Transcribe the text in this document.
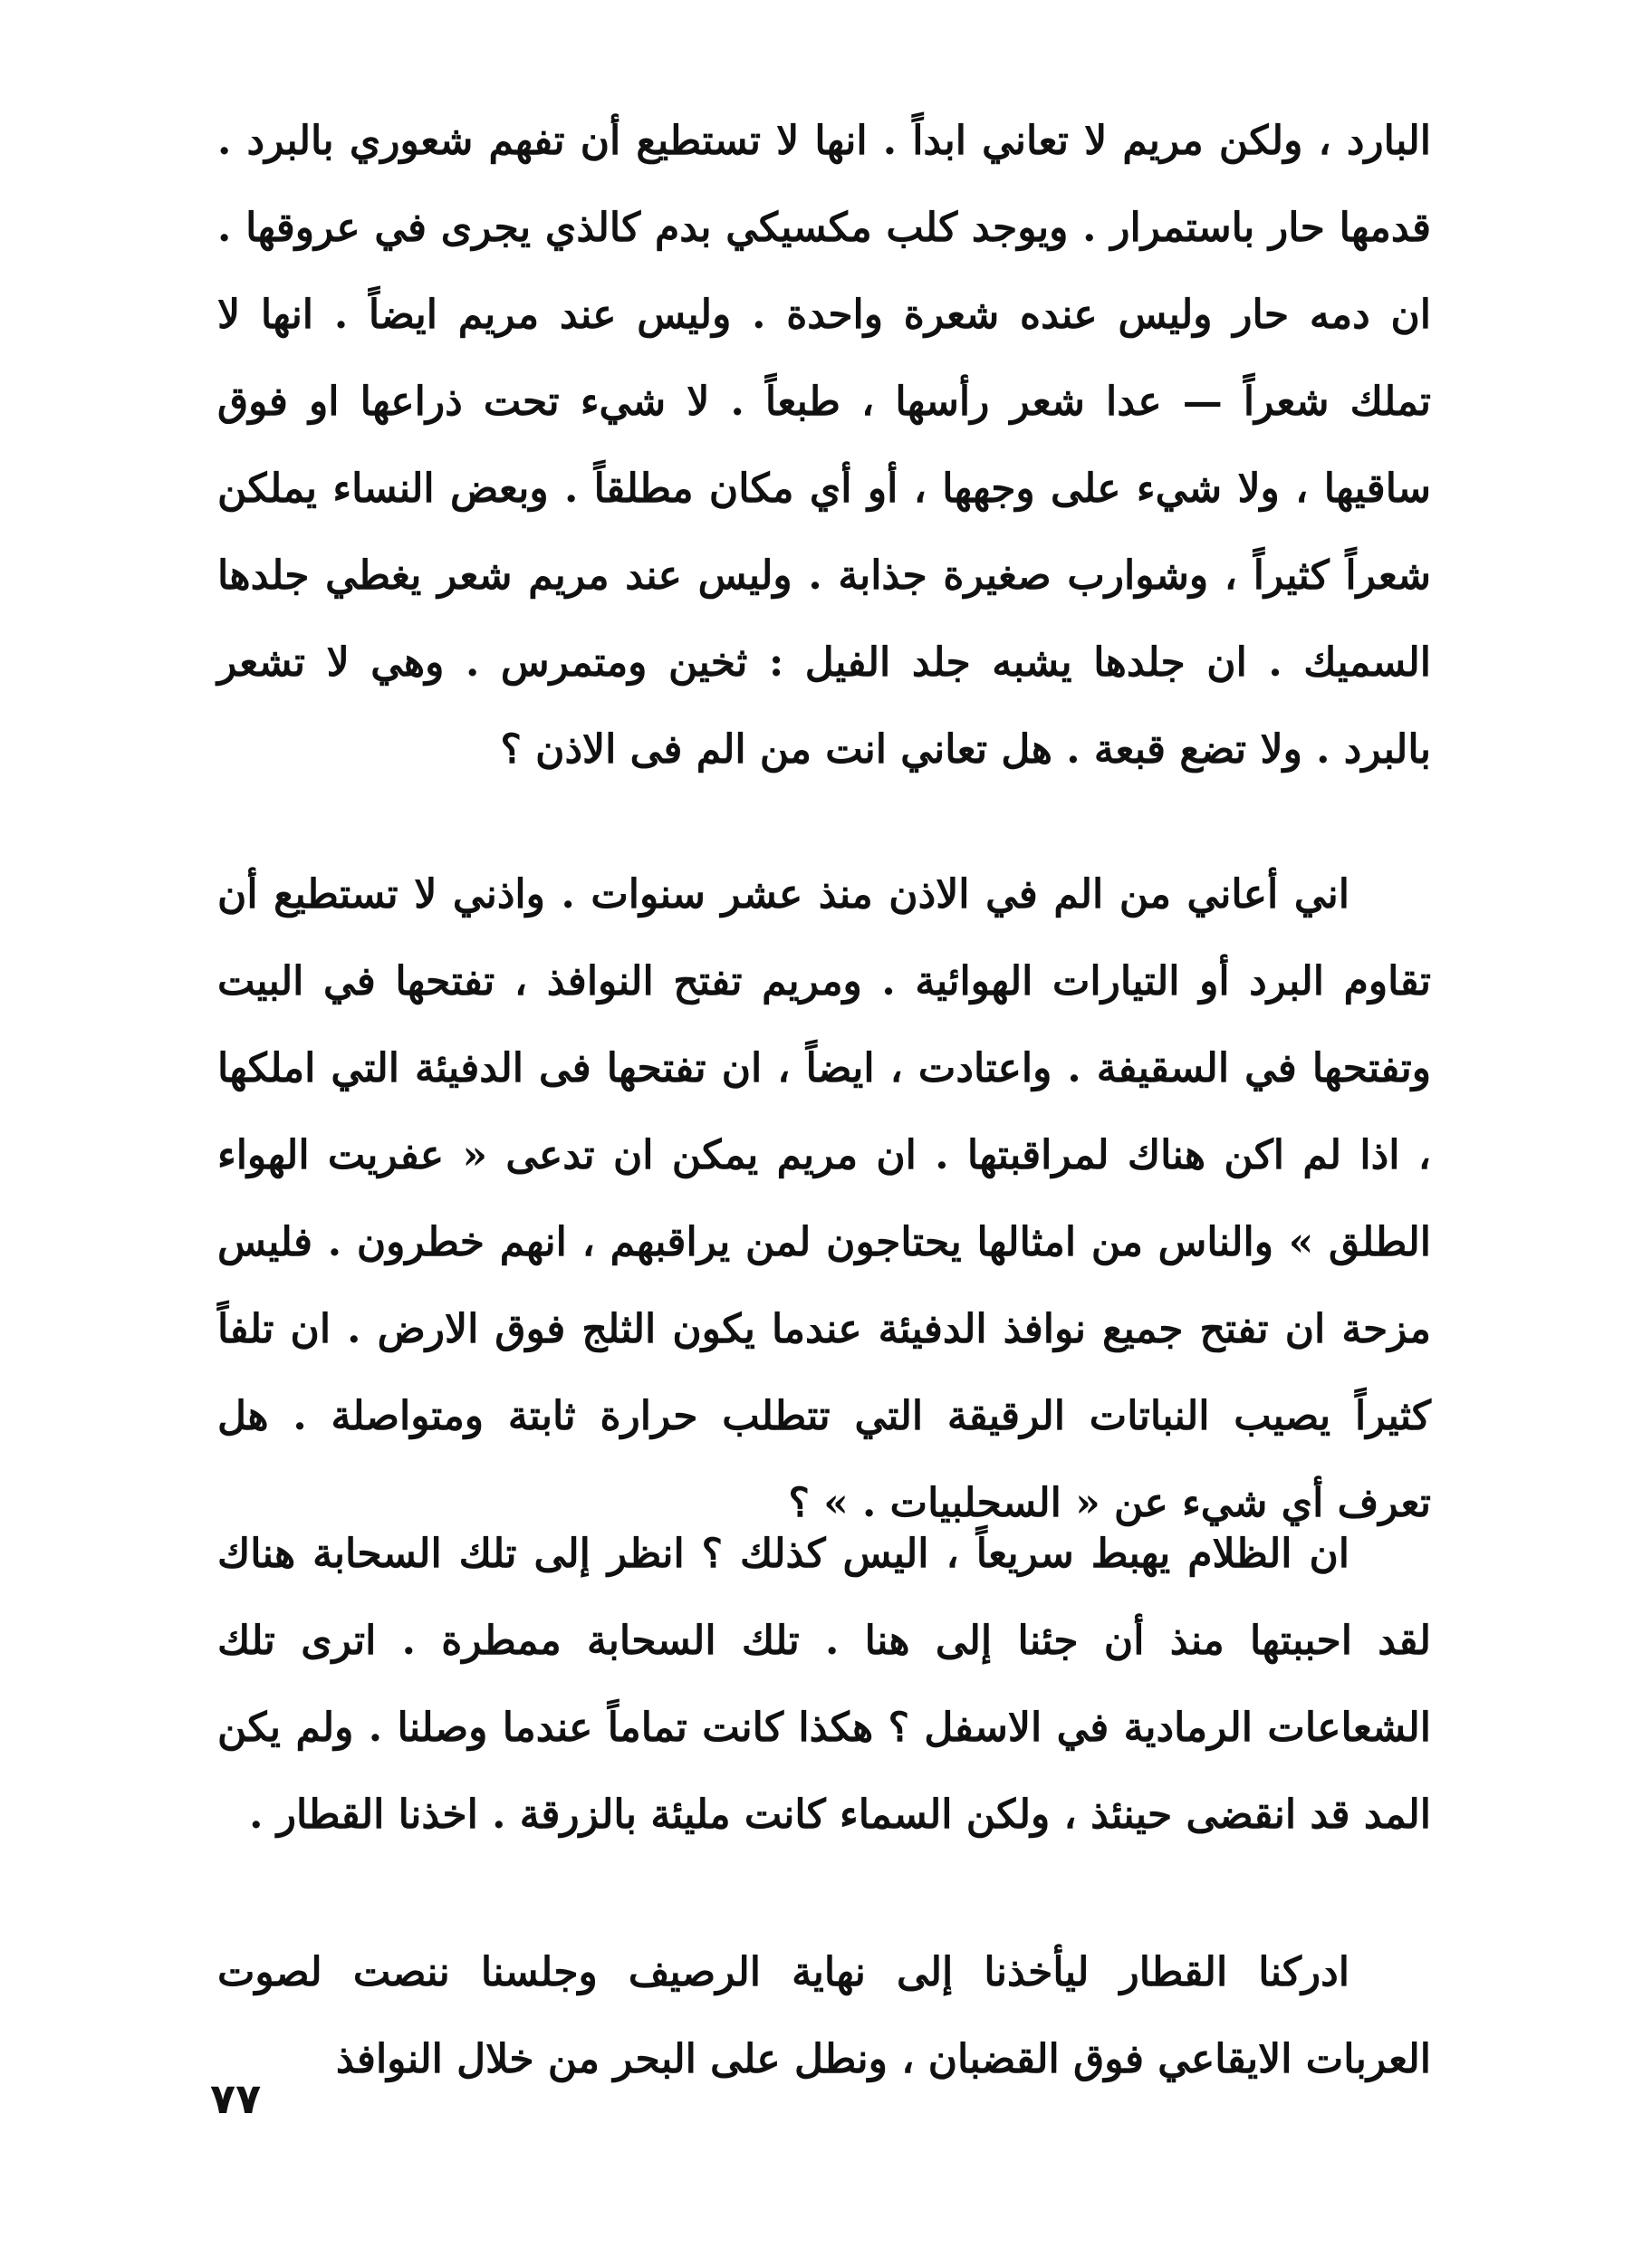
البارد ، ولكن مريم لا تعاني ابداً . انها لا تستطيع أن تفهم شعوري بالبرد . قدمها حار باستمرار . ويوجد كلب مكسيكي بدم كالذي يجرى في عروقها . ان دمه حار وليس عنده شعرة واحدة . وليس عند مريم ايضاً . انها لا تملك شعراً — عدا شعر رأسها ، طبعاً . لا شيء تحت ذراعها او فوق ساقيها ، ولا شيء على وجهها ، أو أي مكان مطلقاً . وبعض النساء يملكن شعراً كثيراً ، وشوارب صغيرة جذابة . وليس عند مريم شعر يغطي جلدها السميك . ان جلدها يشبه جلد الفيل : ثخين ومتمرس . وهي لا تشعر بالبرد . ولا تضع قبعة . هل تعاني انت من الم فى الاذن ؟

اني أعاني من الم في الاذن منذ عشر سنوات . واذني لا تستطيع أن تقاوم البرد أو التيارات الهوائية . ومريم تفتح النوافذ ، تفتحها في البيت وتفتحها في السقيفة . واعتادت ، ايضاً ، ان تفتحها فى الدفيئة التي املكها ، اذا لم اكن هناك لمراقبتها . ان مريم يمكن ان تدعى « عفريت الهواء الطلق » والناس من امثالها يحتاجون لمن يراقبهم ، انهم خطرون . فليس مزحة ان تفتح جميع نوافذ الدفيئة عندما يكون الثلج فوق الارض . ان تلفاً كثيراً يصيب النباتات الرقيقة التي تتطلب حرارة ثابتة ومتواصلة . هل تعرف أي شيء عن « السحلبيات . » ؟

ان الظلام يهبط سريعاً ، اليس كذلك ؟ انظر إلى تلك السحابة هناك لقد احببتها منذ أن جئنا إلى هنا . تلك السحابة ممطرة . اترى تلك الشعاعات الرمادية في الاسفل ؟ هكذا كانت تماماً عندما وصلنا . ولم يكن المد قد انقضى حينئذ ، ولكن السماء كانت مليئة بالزرقة . اخذنا القطار .

ادركنا القطار ليأخذنا إلى نهاية الرصيف وجلسنا ننصت لصوت العربات الايقاعي فوق القضبان ، ونطل على البحر من خلال النوافذ

٧٧
